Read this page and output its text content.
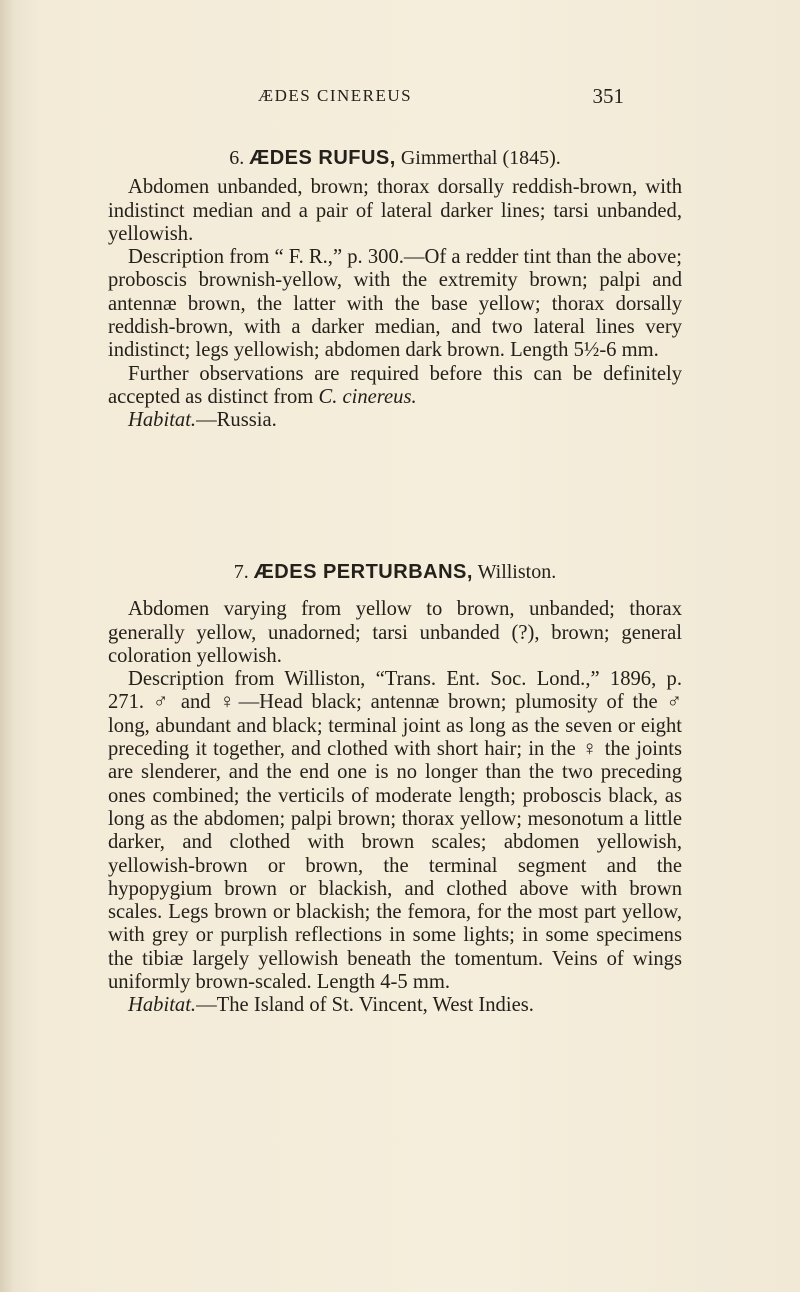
ÆDES CINEREUS	351
6. ÆDES RUFUS, Gimmerthal (1845).

Abdomen unbanded, brown; thorax dorsally reddish-brown, with indistinct median and a pair of lateral darker lines; tarsi unbanded, yellowish.

Description from “ F. R.,” p. 300.—Of a redder tint than the above; proboscis brownish-yellow, with the extremity brown; palpi and antennæ brown, the latter with the base yellow; thorax dorsally reddish-brown, with a darker median, and two lateral lines very indistinct; legs yellowish; abdomen dark brown. Length 5½-6 mm.

Further observations are required before this can be definitely accepted as distinct from C. cinereus.

Habitat.—Russia.

7. ÆDES PERTURBANS, Williston.

Abdomen varying from yellow to brown, unbanded; thorax generally yellow, unadorned; tarsi unbanded (?), brown; general coloration yellowish.

Description from Williston, “Trans. Ent. Soc. Lond.,” 1896, p. 271. ♂ and ♀—Head black; antennæ brown; plumosity of the ♂ long, abundant and black; terminal joint as long as the seven or eight preceding it together, and clothed with short hair; in the ♀ the joints are slenderer, and the end one is no longer than the two preceding ones combined; the verticils of moderate length; proboscis black, as long as the abdomen; palpi brown; thorax yellow; mesonotum a little darker, and clothed with brown scales; abdomen yellowish, yellowish-brown or brown, the terminal segment and the hypopygium brown or blackish, and clothed above with brown scales. Legs brown or blackish; the femora, for the most part yellow, with grey or purplish reflections in some lights; in some specimens the tibiæ largely yellowish beneath the tomentum. Veins of wings uniformly brown-scaled. Length 4-5 mm.

Habitat.—The Island of St. Vincent, West Indies.
